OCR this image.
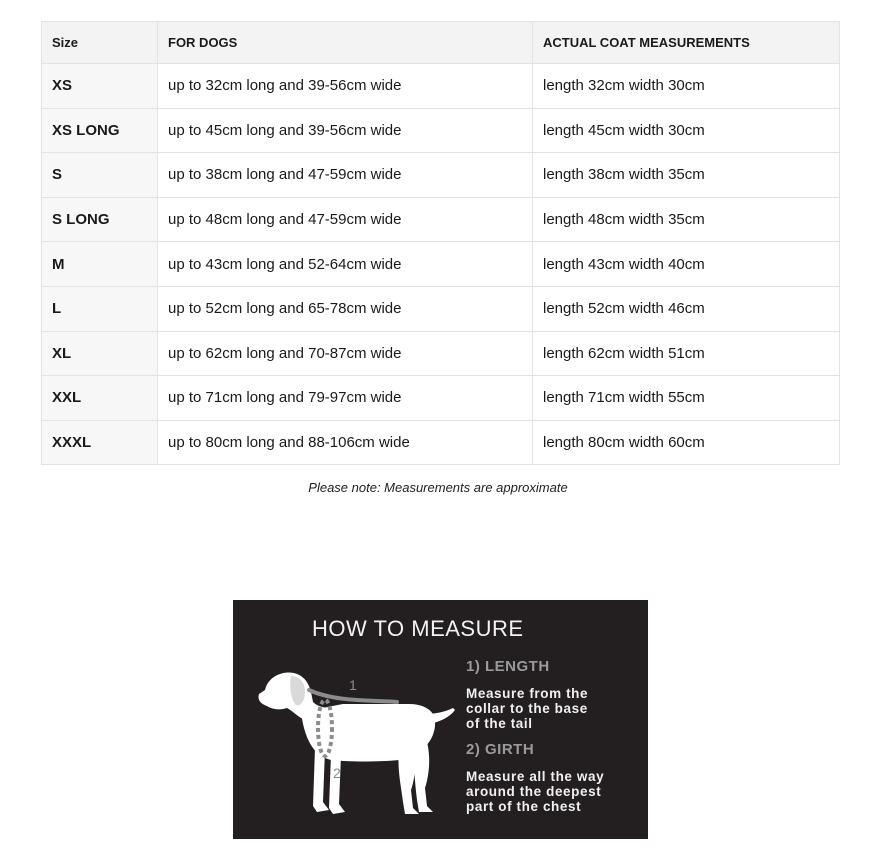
Size	FOR DOGS	ACTUAL COAT MEASUREMENTS
XS	up to 32cm long and 39-56cm wide	length 32cm width 30cm
XS LONG	up to 45cm long and 39-56cm wide	length 45cm width 30cm
S	up to 38cm long and 47-59cm wide	length 38cm width 35cm
S LONG	up to 48cm long and 47-59cm wide	length 48cm width 35cm
M	up to 43cm long and 52-64cm wide	length 43cm width 40cm
L	up to 52cm long and 65-78cm wide	length 52cm width 46cm
XL	up to 62cm long and 70-87cm wide	length 62cm width 51cm
XXL	up to 71cm long and 79-97cm wide	length 71cm width 55cm
XXXL	up to 80cm long and 88-106cm wide	length 80cm width 60cm
Please note: Measurements are approximate
HOW TO MEASURE
1
2
1) LENGTH
Measure from the
collar to the base
of the tail
2) GIRTH
Measure all the way
around the deepest
part of the chest
